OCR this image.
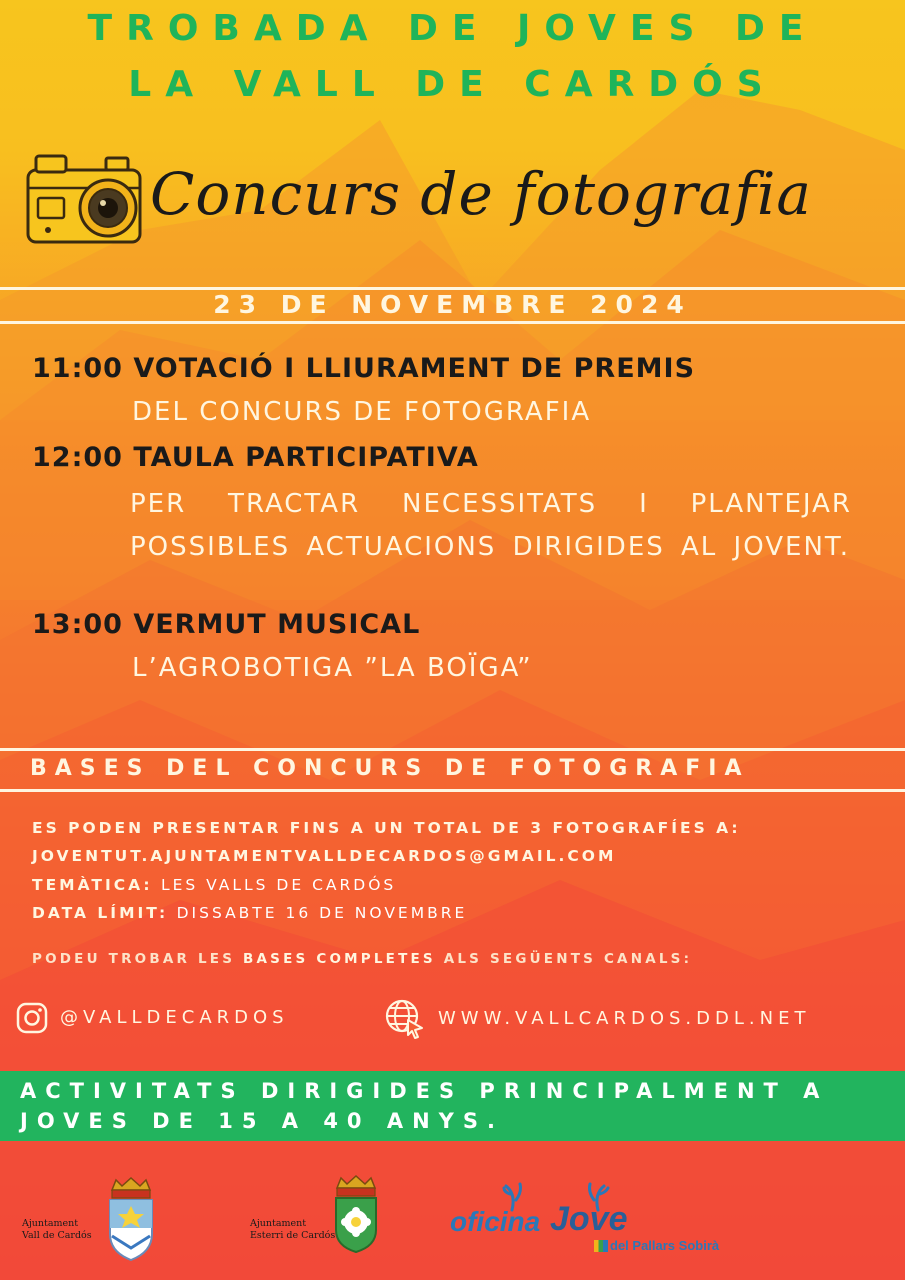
TROBADA DE JOVES DE
LA VALL DE CARDÓS
Concurs de fotografia
23 DE NOVEMBRE 2024
11:00 VOTACIÓ I LLIURAMENT DE PREMIS
DEL CONCURS DE FOTOGRAFIA
12:00 TAULA PARTICIPATIVA
PER TRACTAR NECESSITATS I PLANTEJAR POSSIBLES ACTUACIONS DIRIGIDES AL JOVENT.
13:00 VERMUT MUSICAL
L’AGROBOTIGA ”LA BOÏGA”
BASES DEL CONCURS DE FOTOGRAFIA
ES PODEN PRESENTAR FINS A UN TOTAL DE 3 FOTOGRAFÍES A:
JOVENTUT.AJUNTAMENTVALLDECARDOS@GMAIL.COM
TEMÀTICA: LES VALLS DE CARDÓS
DATA LÍMIT: DISSABTE 16 DE NOVEMBRE
PODEU TROBAR LES BASES COMPLETES ALS SEGÜENTS CANALS:
@VALLDECARDOS	WWW.VALLCARDOS.DDL.NET
ACTIVITATS DIRIGIDES PRINCIPALMENT A
JOVES DE 15 A 40 ANYS.
Ajuntament
Vall de Cardós
Ajuntament
Esterri de Cardós	oficina Jove
del Pallars Sobirà
